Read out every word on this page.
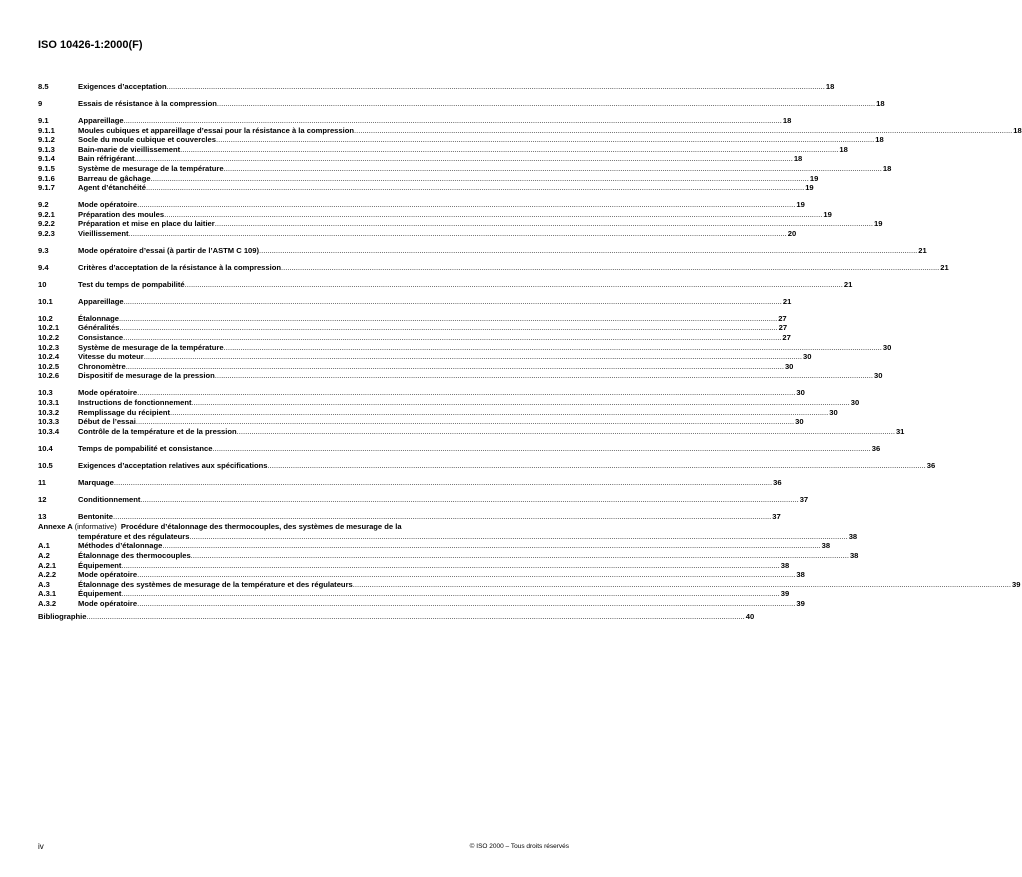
ISO 10426-1:2000(F)
8.5	Exigences d’acceptation .....	18
9	Essais de résistance à la compression .....	18
9.1	Appareillage .....	18
9.1.1	Moules cubiques et appareillage d’essai pour la résistance à la compression .....	18
9.1.2	Socle du moule cubique et couvercles .....	18
9.1.3	Bain-marie de vieillissement .....	18
9.1.4	Bain réfrigérant .....	18
9.1.5	Système de mesurage de la température .....	18
9.1.6	Barreau de gâchage .....	19
9.1.7	Agent d’étanchéité .....	19
9.2	Mode opératoire .....	19
9.2.1	Préparation des moules .....	19
9.2.2	Préparation et mise en place du laitier .....	19
9.2.3	Vieillissement .....	20
9.3	Mode opératoire d’essai (à partir de l’ASTM C 109) .....	21
9.4	Critères d’acceptation de la résistance à la compression .....	21
10	Test du temps de pompabilité .....	21
10.1	Appareillage .....	21
10.2	Étalonnage .....	27
10.2.1	Généralités .....	27
10.2.2	Consistance .....	27
10.2.3	Système de mesurage de la température .....	30
10.2.4	Vitesse du moteur .....	30
10.2.5	Chronomètre .....	30
10.2.6	Dispositif de mesurage de la pression .....	30
10.3	Mode opératoire .....	30
10.3.1	Instructions de fonctionnement .....	30
10.3.2	Remplissage du récipient .....	30
10.3.3	Début de l’essai .....	30
10.3.4	Contrôle de la température et de la pression .....	31
10.4	Temps de pompabilité et consistance .....	36
10.5	Exigences d’acceptation relatives aux spécifications .....	36
11	Marquage .....	36
12	Conditionnement .....	37
13	Bentonite .....	37
Annexe A (informative) Procédure d’étalonnage des thermocouples, des systèmes de mesurage de la
température et des régulateurs .....	38
A.1	Méthodes d’étalonnage .....	38
A.2	Étalonnage des thermocouples .....	38
A.2.1	Équipement .....	38
A.2.2	Mode opératoire .....	38
A.3	Étalonnage des systèmes de mesurage de la température et des régulateurs .....	39
A.3.1	Équipement .....	39
A.3.2	Mode opératoire .....	39
Bibliographie .....	40
iv	© ISO 2000 – Tous droits réservés
